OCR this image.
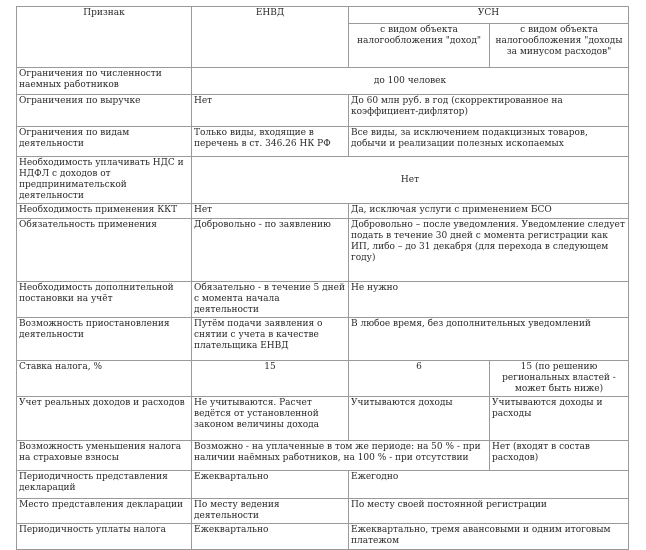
Признак	ЕНВД	УСН	
		с видом объекта налогообложения "доход"	с видом объекта налогообложения "доходы за минусом расходов"
Ограничения по численности наемных работников	до 100 человек		
Ограничения по выручке	Нет	До 60 млн руб. в год (скорректированное на коэффициент-дифлятор)	
Ограничения по видам деятельности	Только виды, входящие в перечень в ст. 346.26 НК РФ	Все виды, за исключением подакцизных товаров, добычи и реализации полезных ископаемых	
Необходимость уплачивать НДС и НДФЛ с доходов от предпринимательской деятельности	Нет		
Необходимость применения ККТ	Нет	Да, исключая услуги с применением БСО	
Обязательность применения	Добровольно - по заявлению	Добровольно – после уведомления. Уведомление следует подать в течение 30 дней с момента регистрации как ИП, либо – до 31 декабря (для перехода в следующем году)	
Необходимость дополнительной постановки на учёт	Обязательно - в течение 5 дней с момента начала деятельности	Не нужно	
Возможность приостановления деятельности	Путём подачи заявления о снятии с учета в качестве плательщика ЕНВД	В любое время, без дополнительных уведомлений	
Ставка налога, %	15	6	15 (по решению региональных властей - может быть ниже)
Учет реальных доходов и расходов	Не учитываются. Расчет ведётся от установленной законом величины дохода	Учитываются доходы	Учитываются доходы и расходы
Возможность уменьшения налога на страховые взносы	Возможно - на уплаченные в том же периоде: на 50 % - при наличии наёмных работников, на 100 % - при отсутствии		Нет (входят в состав расходов)
Периодичность представления деклараций	Ежеквартально	Ежегодно	
Место представления декларации	По месту ведения деятельности	По месту своей постоянной регистрации	
Периодичность уплаты налога	Ежеквартально	Ежеквартально, тремя авансовыми и одним итоговым платежом	
